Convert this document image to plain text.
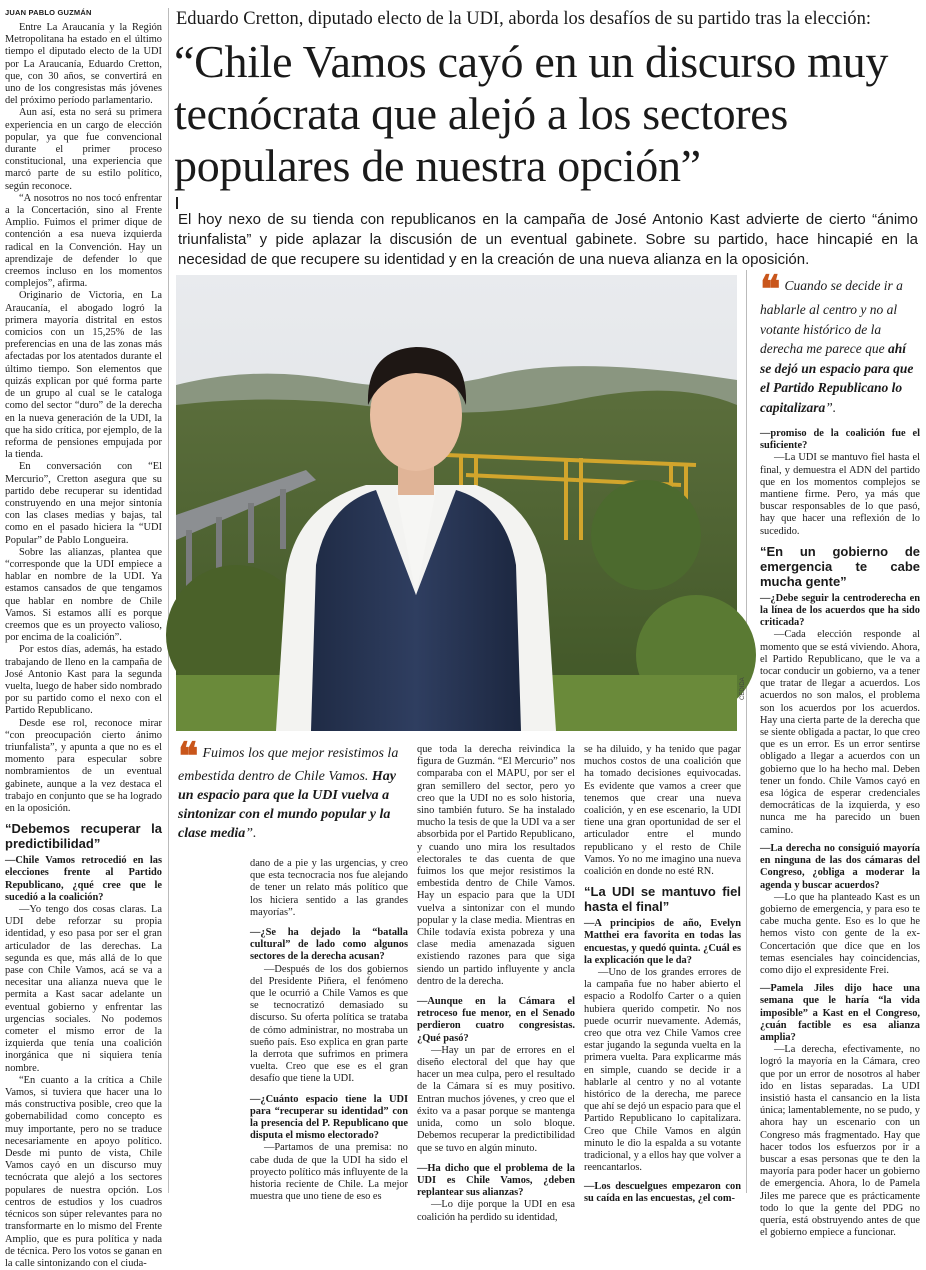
JUAN PABLO GUZMÁN	Eduardo Cretton, diputado electo de la UDI, aborda los desafíos de su partido tras la elección:
“Chile Vamos cayó en un discurso muy tecnócrata que alejó a los sectores populares de nuestra opción”
El hoy nexo de su tienda con republicanos en la campaña de José Antonio Kast advierte de cierto “ánimo triunfalista” y pide aplazar la discusión de un eventual gabinete. Sobre su partido, hace hincapié en la necesidad de que recupere su identidad y en la creación de una nueva alianza en la oposición.

Entre La Araucanía y la Región Metropolitana ha estado en el último tiempo el diputado electo de la UDI por La Araucanía, Eduardo Cretton, que, con 30 años, se convertirá en uno de los congresistas más jóvenes del próximo período parlamentario.

Aun así, esta no será su primera experiencia en un cargo de elección popular, ya que fue convencional durante el primer proceso constitucional, una experiencia que marcó parte de su estilo político, según reconoce.

“A nosotros no nos tocó enfrentar a la Concertación, sino al Frente Amplio. Fuimos el primer dique de contención a esa nueva izquierda radical en la Convención. Hay un aprendizaje de defender lo que creemos incluso en los momentos complejos”, afirma.

Originario de Victoria, en La Araucanía, el abogado logró la primera mayoría distrital en estos comicios con un 15,25% de las preferencias en una de las zonas más afectadas por los atentados durante el último tiempo. Son elementos que quizás explican por qué forma parte de un grupo al cual se le cataloga como del sector “duro” de la derecha en la nueva generación de la UDI, la que ha sido crítica, por ejemplo, de la reforma de pensiones empujada por la tienda.

En conversación con “El Mercurio”, Cretton asegura que su partido debe recuperar su identidad construyendo en una mejor sintonía con las clases medias y bajas, tal como en el pasado hiciera la “UDI Popular” de Pablo Longueira.

Sobre las alianzas, plantea que “corresponde que la UDI empiece a hablar en nombre de la UDI. Ya estamos cansados de que tengamos que hablar en nombre de Chile Vamos. Si estamos allí es porque creemos que es un proyecto valioso, por encima de la coalición”.

Por estos días, además, ha estado trabajando de lleno en la campaña de José Antonio Kast para la segunda vuelta, luego de haber sido nombrado por su partido como el nexo con el Partido Republicano.

Desde ese rol, reconoce mirar “con preocupación cierto ánimo triunfalista”, y apunta a que no es el momento para especular sobre nombramientos de un eventual gabinete, aunque a la vez destaca el trabajo en conjunto que se ha logrado en la oposición.

“Debemos recuperar la predictibilidad”

— Chile Vamos retrocedió en las elecciones frente al Partido Republicano, ¿qué cree que le sucedió a la coalición?

— Yo tengo dos cosas claras. La UDI debe reforzar su propia identidad, y eso pasa por ser el gran articulador de las derechas. La segunda es que, más allá de lo que pase con Chile Vamos, acá se va a necesitar una alianza nueva que le permita a Kast sacar adelante un eventual gobierno y enfrentar las urgencias sociales. No podemos cometer el mismo error de la izquierda que tenía una coalición inorgánica que ni siquiera tenía nombre.

“En cuanto a la crítica a Chile Vamos, si tuviera que hacer una lo más constructiva posible, creo que la gobernabilidad como concepto es muy importante, pero no se traduce necesariamente en apoyo político. Desde mi punto de vista, Chile Vamos cayó en un discurso muy tecnócrata que alejó a los sectores populares de nuestra opción. Los centros de estudios y los cuadros técnicos son súper relevantes para no transformarte en lo mismo del Frente Amplio, que es pura política y nada de técnica. Pero los votos se ganan en la calle sintonizando con el ciuda-

CEDIDA
❝ Fuimos los que mejor resistimos la embestida dentro de Chile Vamos. Hay un espacio para que la UDI vuelva a sintonizar con el mundo popular y la clase media”.

dano de a pie y las urgencias, y creo que esta tecnocracia nos fue alejando de tener un relato más político que los hiciera sentido a las grandes mayorías”.

— ¿Se ha dejado la “batalla cultural” de lado como algunos sectores de la derecha acusan?

— Después de los dos gobiernos del Presidente Piñera, el fenómeno que le ocurrió a Chile Vamos es que se tecnocratizó demasiado su discurso. Su oferta política se trataba de cómo administrar, no mostraba un sueño país. Eso explica en gran parte la derrota que sufrimos en primera vuelta. Creo que ese es el gran desafío que tiene la UDI.

— ¿Cuánto espacio tiene la UDI para “recuperar su identidad” con la presencia del P. Republicano que disputa el mismo electorado?

— Partamos de una premisa: no cabe duda de que la UDI ha sido el proyecto político más influyente de la historia reciente de Chile. La mejor muestra que uno tiene de eso es

que toda la derecha reivindica la figura de Guzmán. “El Mercurio” nos comparaba con el MAPU, por ser el gran semillero del sector, pero yo creo que la UDI no es solo historia, sino también futuro. Se ha instalado mucho la tesis de que la UDI va a ser absorbida por el Partido Republicano, y cuando uno mira los resultados electorales te das cuenta de que fuimos los que mejor resistimos la embestida dentro de Chile Vamos. Hay un espacio para que la UDI vuelva a sintonizar con el mundo popular y la clase media. Mientras en Chile todavía exista pobreza y una clase media amenazada siguen existiendo razones para que siga siendo un partido influyente y ancla dentro de la derecha.

— Aunque en la Cámara el retroceso fue menor, en el Senado perdieron cuatro congresistas. ¿Qué pasó?

— Hay un par de errores en el diseño electoral del que hay que hacer un mea culpa, pero el resultado de la Cámara sí es muy positivo. Entran muchos jóvenes, y creo que el éxito va a pasar porque se mantenga unida, como un solo bloque. Debemos recuperar la predictibilidad que se tuvo en algún minuto.

— Ha dicho que el problema de la UDI es Chile Vamos, ¿deben replantear sus alianzas?

— Lo dije porque la UDI en esa coalición ha perdido su identidad,

se ha diluido, y ha tenido que pagar muchos costos de una coalición que ha tomado decisiones equivocadas. Es evidente que vamos a creer que tenemos que crear una nueva coalición, y en ese escenario, la UDI tiene una gran oportunidad de ser el articulador entre el mundo republicano y el resto de Chile Vamos. Yo no me imagino una nueva coalición en donde no esté RN.

“La UDI se mantuvo fiel hasta el final”

— A principios de año, Evelyn Matthei era favorita en todas las encuestas, y quedó quinta. ¿Cuál es la explicación que le da?

— Uno de los grandes errores de la campaña fue no haber abierto el espacio a Rodolfo Carter o a quien hubiera querido competir. No nos puede ocurrir nuevamente. Además, creo que otra vez Chile Vamos cree estar jugando la segunda vuelta en la primera vuelta. Para explicarme más en simple, cuando se decide ir a hablarle al centro y no al votante histórico de la derecha, me parece que ahí se dejó un espacio para que el Partido Republicano lo capitalizara. Creo que Chile Vamos en algún minuto le dio la espalda a su votante tradicional, y a ellos hay que volver a reencantarlos.

— Los descuelgues empezaron con su caída en las encuestas, ¿el com-

❝ Cuando se decide ir a hablarle al centro y no al votante histórico de la derecha me parece que ahí se dejó un espacio para que el Partido Republicano lo capitalizara”.

— promiso de la coalición fue el suficiente?

— La UDI se mantuvo fiel hasta el final, y demuestra el ADN del partido que en los momentos complejos se mantiene firme. Pero, ya más que buscar responsables de lo que pasó, hay que hacer una reflexión de lo sucedido.

“En un gobierno de emergencia te cabe mucha gente”

— ¿Debe seguir la centroderecha en la línea de los acuerdos que ha sido criticada?

— Cada elección responde al momento que se está viviendo. Ahora, el Partido Republicano, que le va a tocar conducir un gobierno, va a tener que tratar de llegar a acuerdos. Los acuerdos no son malos, el problema son los acuerdos por los acuerdos. Hay una cierta parte de la derecha que se siente obligada a pactar, lo que creo que es un error. Es un error sentirse obligado a llegar a acuerdos con un gobierno que lo ha hecho mal. Deben tener un fondo. Chile Vamos cayó en esa lógica de esperar credenciales democráticas de la izquierda, y eso nunca me ha parecido un buen camino.

— La derecha no consiguió mayoría en ninguna de las dos cámaras del Congreso, ¿obliga a moderar la agenda y buscar acuerdos?

— Lo que ha planteado Kast es un gobierno de emergencia, y para eso te cabe mucha gente. Eso es lo que he hemos visto con gente de la ex-Concertación que dice que en los temas esenciales hay coincidencias, como dijo el expresidente Frei.

— Pamela Jiles dijo hace una semana que le haría “la vida imposible” a Kast en el Congreso, ¿cuán factible es esa alianza amplia?

— La derecha, efectivamente, no logró la mayoría en la Cámara, creo que por un error de nosotros al haber ido en listas separadas. La UDI insistió hasta el cansancio en la lista única; lamentablemente, no se pudo, y ahora hay un escenario con un Congreso más fragmentado. Hay que hacer todos los esfuerzos por ir a buscar a esas personas que te den la mayoría para poder hacer un gobierno de emergencia. Ahora, lo de Pamela Jiles me parece que es prácticamente todo lo que la gente del PDG no quería, está obstruyendo antes de que el gobierno empiece a funcionar.
